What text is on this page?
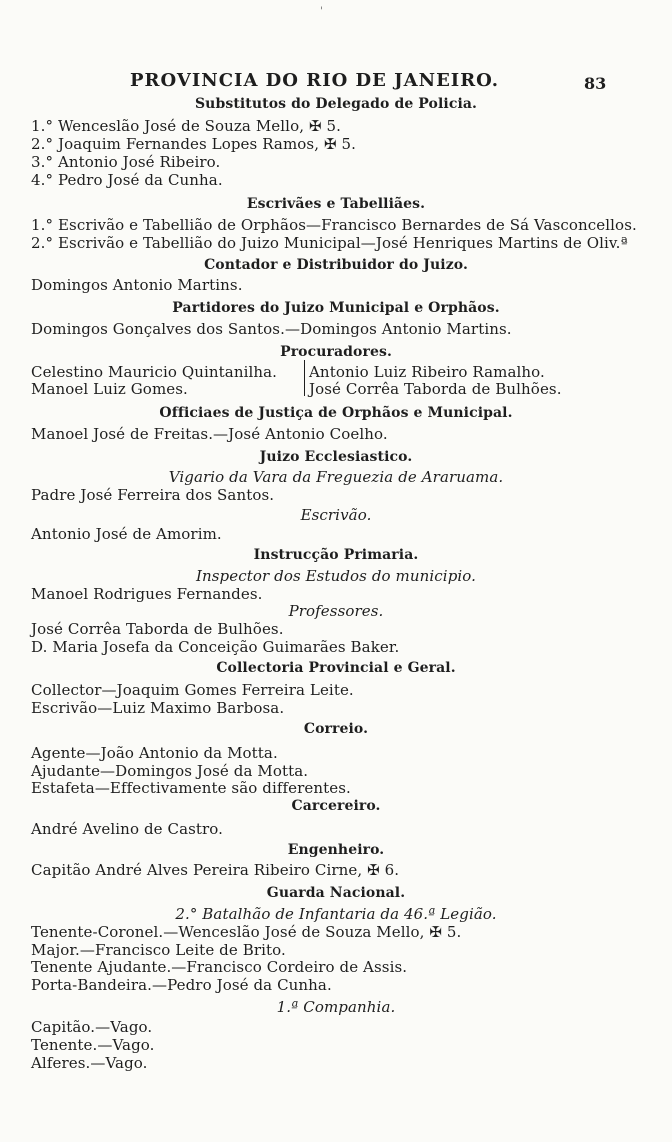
'
PROVINCIA DO RIO DE JANEIRO.	83
Substitutos do Delegado de Policia.
1.° Wenceslão José de Souza Mello, ✠ 5.
2.° Joaquim Fernandes Lopes Ramos, ✠ 5.
3.° Antonio José Ribeiro.
4.° Pedro José da Cunha.
Escrivães e Tabelliães.
1.° Escrivão e Tabellião de Orphãos—Francisco Bernardes de Sá Vasconcellos.
2.° Escrivão e Tabellião do Juizo Municipal—José Henriques Martins de Oliv.ª
Contador e Distribuidor do Juizo.
Domingos Antonio Martins.
Partidores do Juizo Municipal e Orphãos.
Domingos Gonçalves dos Santos.—Domingos Antonio Martins.
Procuradores.
Celestino Mauricio Quintanilha. Antonio Luiz Ribeiro Ramalho.
Manoel Luiz Gomes.	José Corrêa Taborda de Bulhões.
Officiaes de Justiça de Orphãos e Municipal.
Manoel José de Freitas.—José Antonio Coelho.
Juizo Ecclesiastico.
Vigario da Vara da Freguezia de Araruama.
Padre José Ferreira dos Santos.
Escrivão.
Antonio José de Amorim.
Instrucção Primaria.
Inspector dos Estudos do municipio.
Manoel Rodrigues Fernandes.
Professores.
José Corrêa Taborda de Bulhões.
D. Maria Josefa da Conceição Guimarães Baker.
Collectoria Provincial e Geral.
Collector—Joaquim Gomes Ferreira Leite.
Escrivão—Luiz Maximo Barbosa.
Correio.
Agente—João Antonio da Motta.
Ajudante—Domingos José da Motta.
Estafeta—Effectivamente são differentes.
Carcereiro.
André Avelino de Castro.
Engenheiro.
Capitão André Alves Pereira Ribeiro Cirne, ✠ 6.
Guarda Nacional.
2.° Batalhão de Infantaria da 46.ª Legião.
Tenente-Coronel.—Wenceslão José de Souza Mello, ✠ 5.
Major.—Francisco Leite de Brito.
Tenente Ajudante.—Francisco Cordeiro de Assis.
Porta-Bandeira.—Pedro José da Cunha.
1.ª Companhia.
Capitão.—Vago.
Tenente.—Vago.
Alferes.—Vago.
